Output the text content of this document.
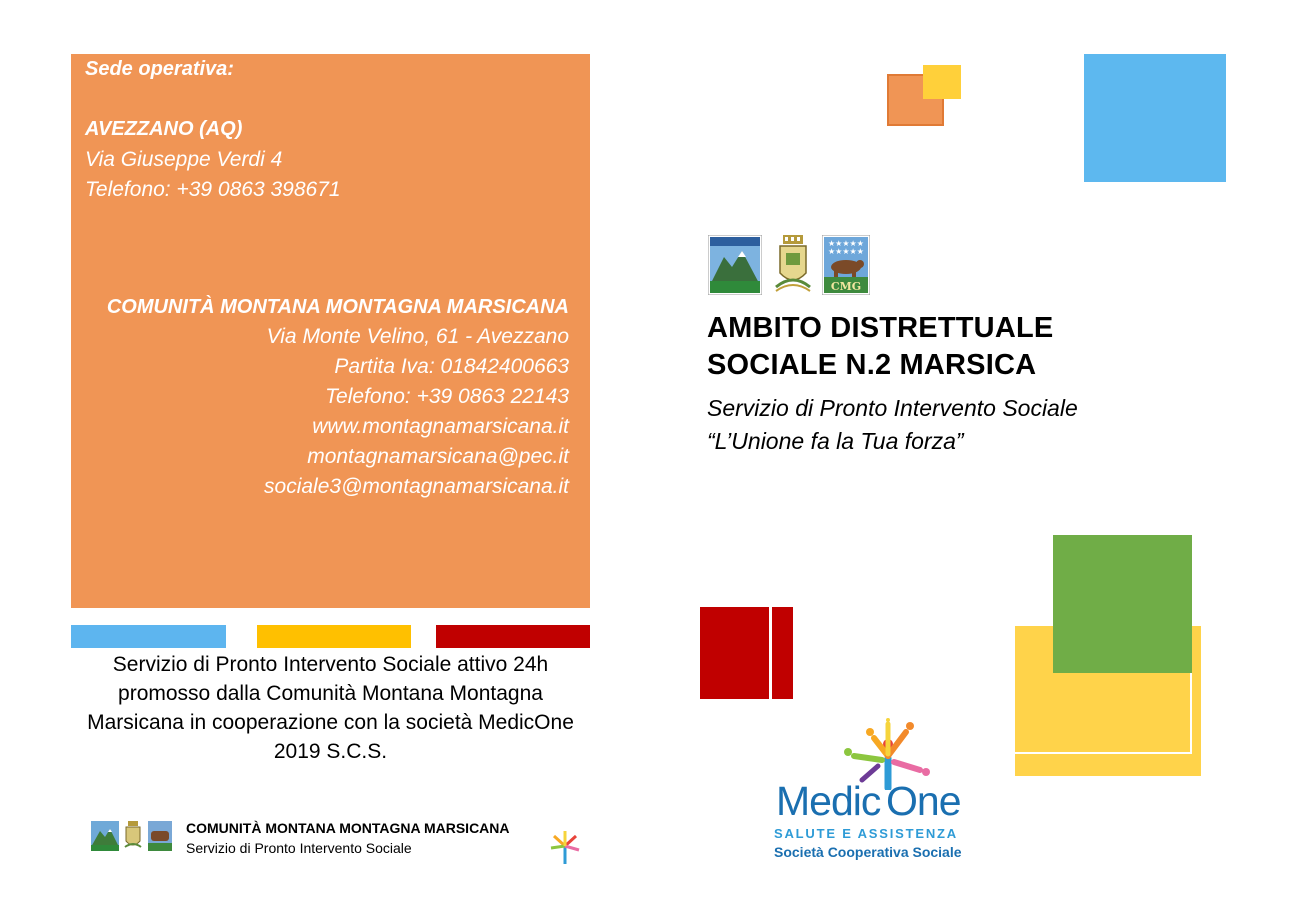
Sede operativa:
AVEZZANO (AQ)
Via Giuseppe Verdi 4
Telefono: +39 0863 398671
COMUNITÀ MONTANA MONTAGNA MARSICANA
Via Monte Velino, 61 - Avezzano
Partita Iva: 01842400663
Telefono: +39 0863 22143
www.montagnamarsicana.it
montagnamarsicana@pec.it
sociale3@montagnamarsicana.it
Servizio di Pronto Intervento Sociale attivo 24h promosso dalla Comunità Montana Montagna Marsicana in cooperazione con la società MedicOne 2019 S.C.S.
COMUNITÀ MONTANA MONTAGNA MARSICANA
Servizio di Pronto Intervento Sociale
★★★★★
★★★★★
CMG
AMBITO DISTRETTUALE
SOCIALE N.2 MARSICA
Servizio di Pronto Intervento Sociale
“L’Unione fa la Tua forza”
Medic One
SALUTE E ASSISTENZA
Società Cooperativa Sociale
